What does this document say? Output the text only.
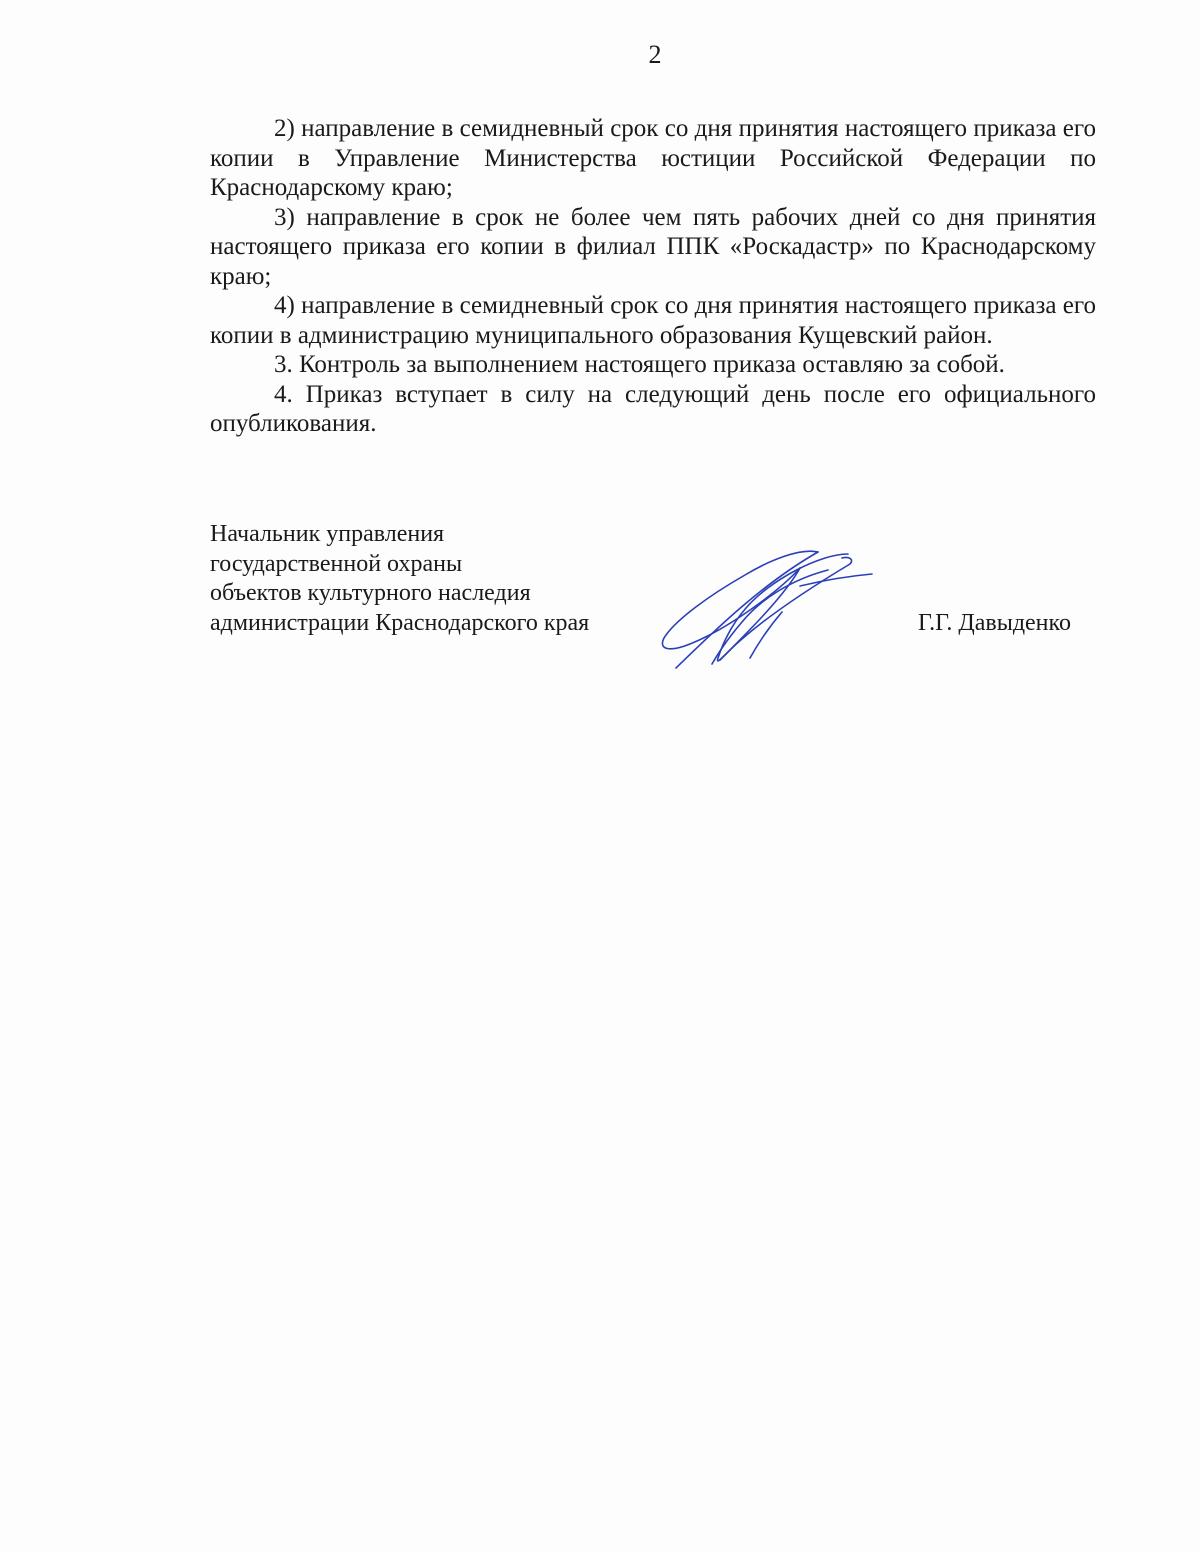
2

2) направление в семидневный срок со дня принятия настоящего приказа его копии в Управление Министерства юстиции Российской Федерации по Краснодарскому краю;

3) направление в срок не более чем пять рабочих дней со дня принятия настоящего приказа его копии в филиал ППК «Роскадастр» по Краснодарскому краю;

4) направление в семидневный срок со дня принятия настоящего приказа его копии в администрацию муниципального образования Кущевский район.

3. Контроль за выполнением настоящего приказа оставляю за собой.

4. Приказ вступает в силу на следующий день после его официального опубликования.

Начальник управления
государственной охраны
объектов культурного наследия
администрации Краснодарского края	Г.Г. Давыденко
